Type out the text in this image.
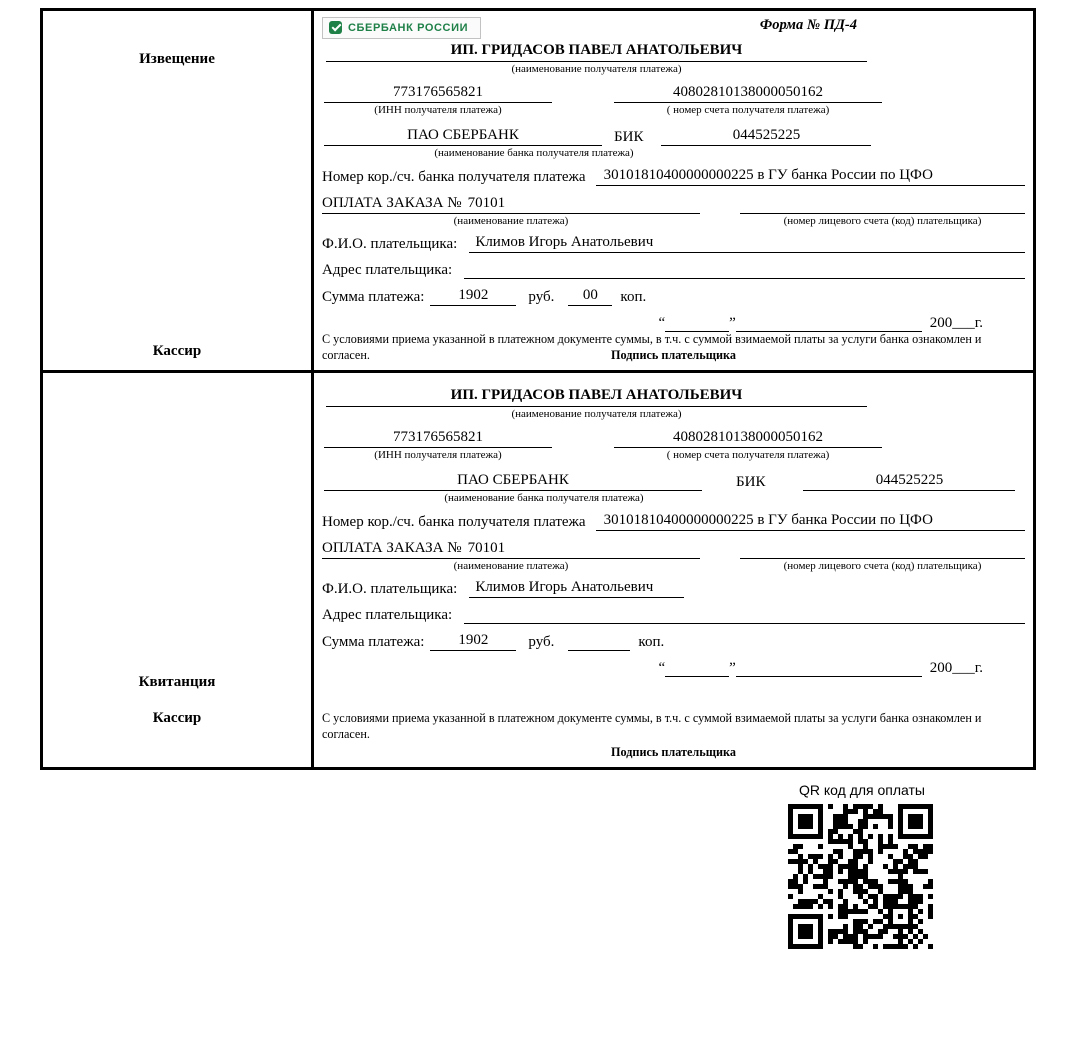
Извещение
Кассир
СБЕРБАНК РОССИИ	Форма № ПД-4
ИП. ГРИДАСОВ ПАВЕЛ АНАТОЛЬЕВИЧ
(наименование получателя платежа)
773176565821	40802810138000050162
(ИНН получателя платежа)	( номер счета получателя платежа)
ПАО СБЕРБАНК	БИК	044525225
(наименование банка получателя платежа)
Номер кор./сч. банка получателя платежа	30101810400000000225 в ГУ банка России по ЦФО
ОПЛАТА ЗАКАЗА № 70101
(наименование платежа)	(номер лицевого счета (код) плательщика)
Ф.И.О. плательщика:	Климов Игорь Анатольевич
Адрес плательщика:
Сумма платежа:	1902	руб.	00	коп.
“	”	200___г.
С условиями приема указанной в платежном документе суммы, в т.ч. с суммой взимаемой платы за услуги банка ознакомлен и согласен.	Подпись плательщика
Квитанция
Кассир
ИП. ГРИДАСОВ ПАВЕЛ АНАТОЛЬЕВИЧ
(наименование получателя платежа)
773176565821	40802810138000050162
(ИНН получателя платежа)	( номер счета получателя платежа)
ПАО СБЕРБАНК	БИК	044525225
(наименование банка получателя платежа)
Номер кор./сч. банка получателя платежа	30101810400000000225 в ГУ банка России по ЦФО
ОПЛАТА ЗАКАЗА № 70101
(наименование платежа)	(номер лицевого счета (код) плательщика)
Ф.И.О. плательщика:	Климов Игорь Анатольевич
Адрес плательщика:
Сумма платежа:	1902	руб.	коп.
“	”	200___г.
С условиями приема указанной в платежном документе суммы, в т.ч. с суммой взимаемой платы за услуги банка ознакомлен и согласен.
Подпись плательщика
QR код для оплаты
